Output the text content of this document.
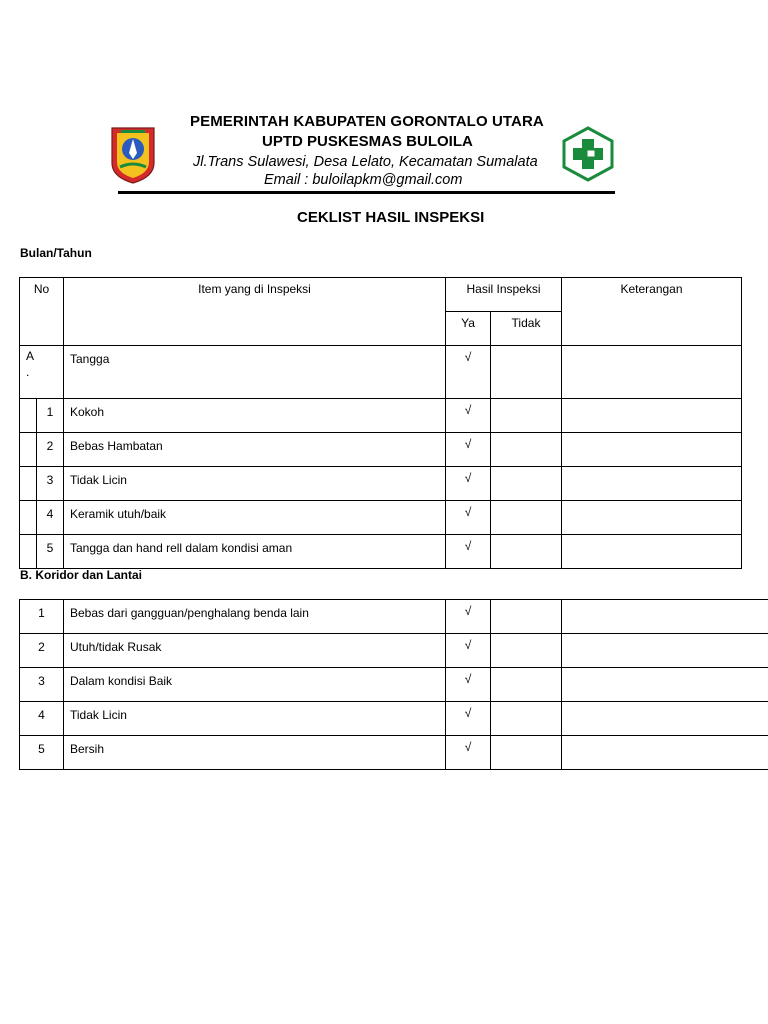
PEMERINTAH KABUPATEN GORONTALO UTARA
UPTD PUSKESMAS BULOILA
Jl.Trans Sulawesi, Desa Lelato, Kecamatan Sumalata
Email : buloilapkm@gmail.com
CEKLIST HASIL INSPEKSI
Bulan/Tahun
No		Item yang di Inspeksi	Hasil Inspeksi		Keterangan
			Ya	Tidak	
A
.		Tangga	√		

	1	Kokoh	√		

	2	Bebas Hambatan	√		

	3	Tidak Licin	√		

	4	Keramik utuh/baik	√		

	5	Tangga dan hand rell dalam kondisi aman	√		

B. Koridor dan Lantai
1	Bebas dari gangguan/penghalang benda lain	√		

2	Utuh/tidak Rusak	√		

3	Dalam kondisi Baik	√		

4	Tidak Licin	√		

5	Bersih	√		
